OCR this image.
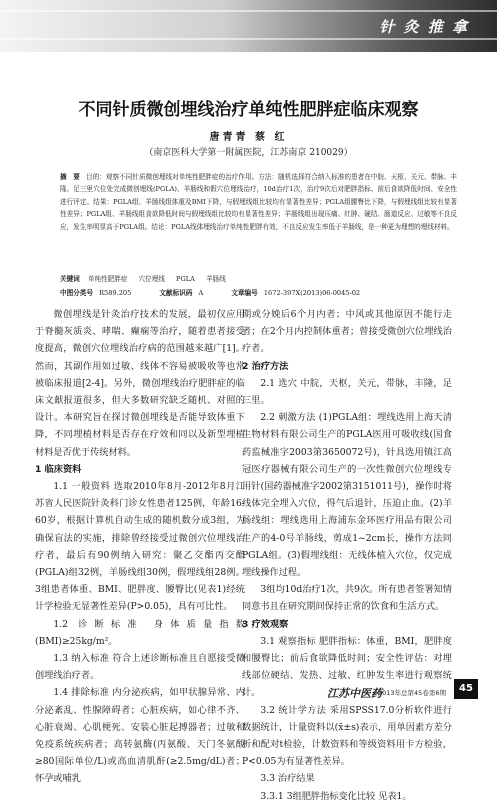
针 灸 推 拿
不同针质微创埋线治疗单纯性肥胖症临床观察
唐青青 蔡 红
（南京医科大学第一附属医院，江苏南京 210029）
摘　要 目的：观察不同针质微创埋线对单纯性肥胖症的治疗作用。方法：随机选择符合纳入标准的患者在中脘、天枢、关元、带脉、丰隆、足三里穴位处完成微创埋线(PGLA)、羊肠线和假穴位埋线治疗，10d治疗1次，治疗9次后对肥胖指标、前后食欲降低时间、安全性进行评定。结果：PGLA组、羊肠线组体重及BMI下降，与假埋线组比较均有显著性差异；PGLA组腰臀比下降，与假埋线组比较有显著性差异；PGLA组、羊肠线组食欲降低时间与假埋线组比较均有显著性差异；羊肠线组出现压痛、红肿、硬结、肠道反应、过敏等不良反应，发生率明显高于PGLA组。结论：PGLA线体埋线治疗单纯性肥胖有效，不良反应发生率低于羊肠线，是一种更为理想的埋线材料。
关键词 单纯性肥胖症 穴位埋线 PGLA 羊肠线
中图分类号 R589.205	文献标识码 A	文章编号 1672-397X(2013)06-0045-02

微创埋线是针灸治疗技术的发展，最初仅应用于脊髓灰质炎、哮喘、癫痫等治疗，随着患者接受度提高，微创穴位埋线治疗病的范围越来越广[1]。然而，其副作用如过敏、线体不容易被吸收等也常被临床报道[2-4]。另外，微创埋线治疗肥胖症的临床文献报道很多，但大多数研究缺乏随机、对照的设计。本研究旨在探讨微创埋线是否能导致体重下降，不同埋植材料是否存在疗效和同以及新型埋植材料是否优于传统材料。

1 临床资料

1.1 一般资料 选取2010年8月-2012年8月江苏省人民医院针灸科门诊女性患者125例，年龄16-60岁，根据计算机自动生成的随机数分成3组，为确保盲法的实施，排除曾经接受过微创穴位埋线治疗者，最后有90例纳入研究：聚乙交酯丙交酯(PGLA)组32例，羊肠线组30例，假埋线组28例。3组患者体重、BMI、肥胖度、腰臀比(见表1)经统计学检验无显著性差异(P>0.05)，具有可比性。

1.2 诊断标准 身体质量指数(BMI)≥25kg/m²。

1.3 纳入标准 符合上述诊断标准且自愿接受微创埋线治疗者。

1.4 排除标准 内分泌疾病，如甲状腺异常、内分泌紊乱、性腺障碍者；心脏疾病，如心律不齐、心脏衰竭、心肌梗死、安装心脏起搏器者；过敏和免疫系统疾病者；高转氨酶(丙氨酸、天门冬氨酸≥80国际单位/L)或高血清肌酐(≥2.5mg/dL)者；怀孕或哺乳

期或分娩后6个月内者；中风或其他原因不能行走者；在2个月内控制体重者；曾接受微创穴位埋线治疗者。

2 治疗方法

2.1 选穴 中脘，天枢，关元，带脉，丰隆，足三里。

2.2 刺激方法 (1)PGLA组：埋线选用上海天清生物材料有限公司生产的PGLA医用可吸收线(国食药监械准字2003第3650072号)，针具选用镇江高冠医疗器械有限公司生产的一次性微创穴位埋线专用针(国药器械准字2002第3151011号)，操作时将线体完全埋入穴位，得气后退针，压迫止血。(2)羊肠线组：埋线选用上海浦东金环医疗用品有限公司生产的4-0号羊肠线，剪成1~2cm长，操作方法同PGLA组。(3)假埋线组：无线体植入穴位，仅完成埋线操作过程。

3组均10d治疗1次，共9次。所有患者签署知情同意书且在研究期间保持正常的饮食和生活方式。

3 疗效观察

3.1 观察指标 肥胖指标：体重，BMI，肥胖度和腰臀比；前后食欲降低时间；安全性评估：对埋线部位硬结、发热、过敏、红肿发生率进行观察统计。

3.2 统计学方法 采用SPSS17.0分析软件进行数据统计，计量资料以(x̄±s)表示，用单因素方差分析和配对t检验，计数资料和等级资料用卡方检验，P<0.05为有显著性差异。

3.3 治疗结果

3.3.1 3组肥胖指标变化比较 见表1。

江苏中医药
2013年总第45卷第6期	45
